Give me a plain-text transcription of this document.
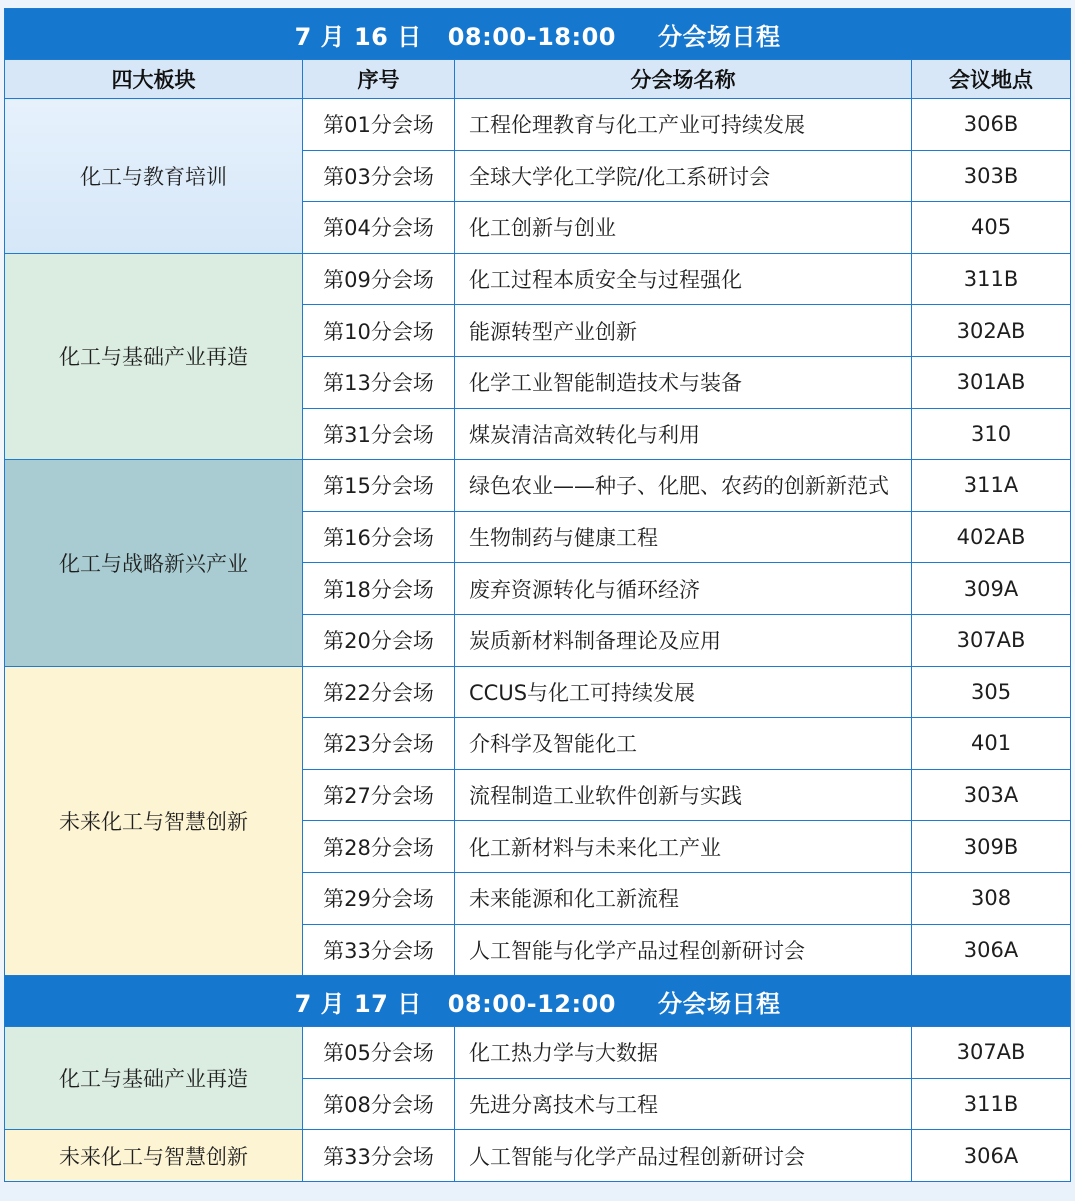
7 月 16 日 08:00-18:00 分会场日程			
四大板块	序号	分会场名称	会议地点
化工与教育培训	第01分会场	工程伦理教育与化工产业可持续发展	306B
	第03分会场	全球大学化工学院/化工系研讨会	303B
	第04分会场	化工创新与创业	405
化工与基础产业再造	第09分会场	化工过程本质安全与过程强化	311B
	第10分会场	能源转型产业创新	302AB
	第13分会场	化学工业智能制造技术与装备	301AB
	第31分会场	煤炭清洁高效转化与利用	310
化工与战略新兴产业	第15分会场	绿色农业——种子、化肥、农药的创新新范式	311A
	第16分会场	生物制药与健康工程	402AB
	第18分会场	废弃资源转化与循环经济	309A
	第20分会场	炭质新材料制备理论及应用	307AB
未来化工与智慧创新	第22分会场	CCUS与化工可持续发展	305
	第23分会场	介科学及智能化工	401
	第27分会场	流程制造工业软件创新与实践	303A
	第28分会场	化工新材料与未来化工产业	309B
	第29分会场	未来能源和化工新流程	308
	第33分会场	人工智能与化学产品过程创新研讨会	306A
7 月 17 日 08:00-12:00 分会场日程			
化工与基础产业再造	第05分会场	化工热力学与大数据	307AB
	第08分会场	先进分离技术与工程	311B
未来化工与智慧创新	第33分会场	人工智能与化学产品过程创新研讨会	306A
